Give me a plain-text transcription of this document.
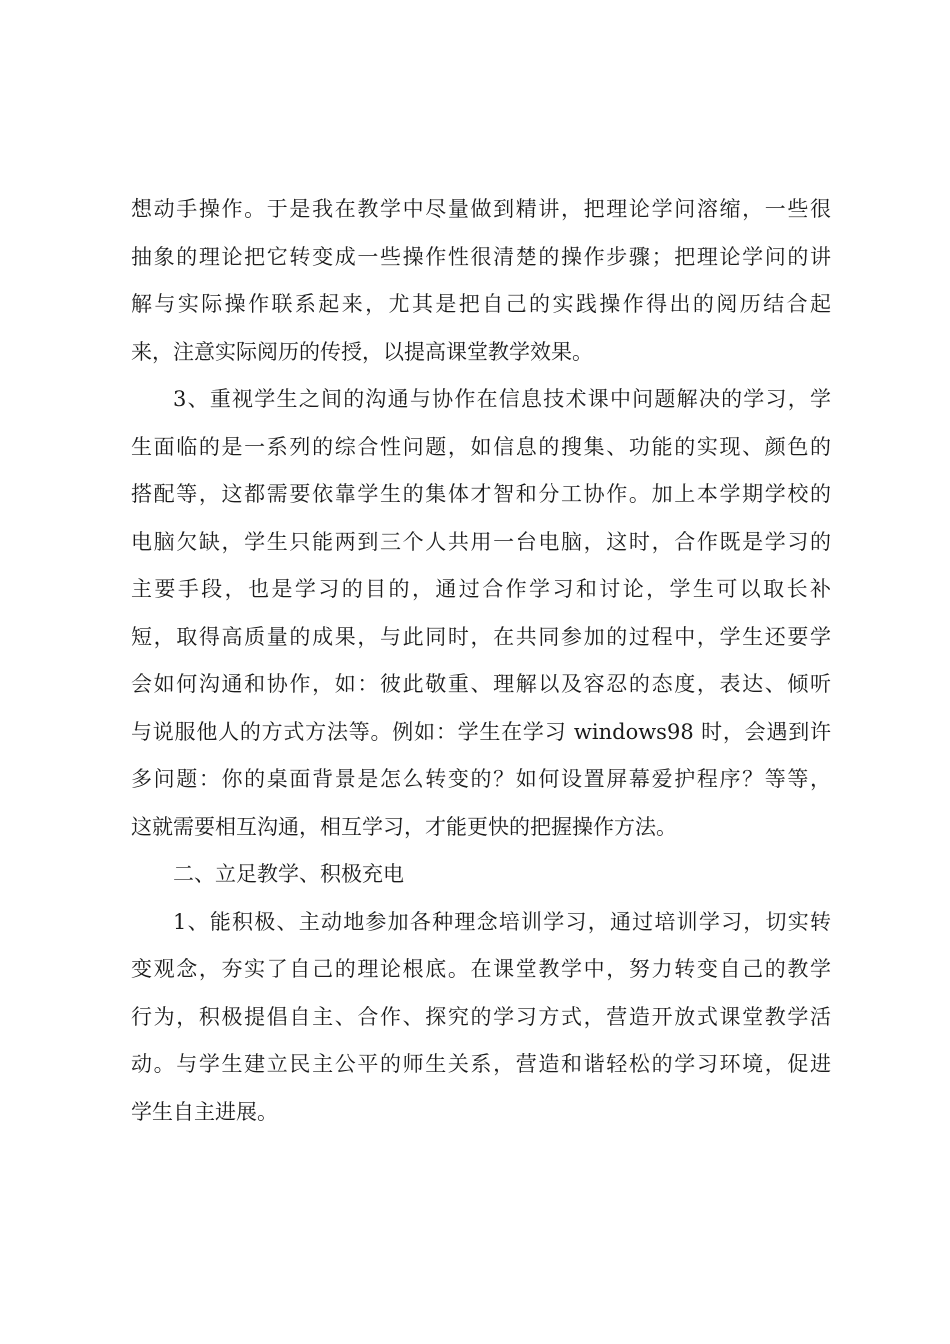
想动手操作。于是我在教学中尽量做到精讲，把理论学问溶缩，一些很
抽象的理论把它转变成一些操作性很清楚的操作步骤；把理论学问的讲
解与实际操作联系起来，尤其是把自己的实践操作得出的阅历结合起
来，注意实际阅历的传授，以提高课堂教学效果。
3、重视学生之间的沟通与协作在信息技术课中问题解决的学习，学
生面临的是一系列的综合性问题，如信息的搜集、功能的实现、颜色的
搭配等，这都需要依靠学生的集体才智和分工协作。加上本学期学校的
电脑欠缺，学生只能两到三个人共用一台电脑，这时，合作既是学习的
主要手段，也是学习的目的，通过合作学习和讨论，学生可以取长补
短，取得高质量的成果，与此同时，在共同参加的过程中，学生还要学
会如何沟通和协作，如：彼此敬重、理解以及容忍的态度，表达、倾听
与说服他人的方式方法等。例如：学生在学习 windows98 时，会遇到许
多问题：你的桌面背景是怎么转变的？如何设置屏幕爱护程序？等等，
这就需要相互沟通，相互学习，才能更快的把握操作方法。
二、立足教学、积极充电
1、能积极、主动地参加各种理念培训学习，通过培训学习，切实转
变观念，夯实了自己的理论根底。在课堂教学中，努力转变自己的教学
行为，积极提倡自主、合作、探究的学习方式，营造开放式课堂教学活
动。与学生建立民主公平的师生关系，营造和谐轻松的学习环境，促进
学生自主进展。
